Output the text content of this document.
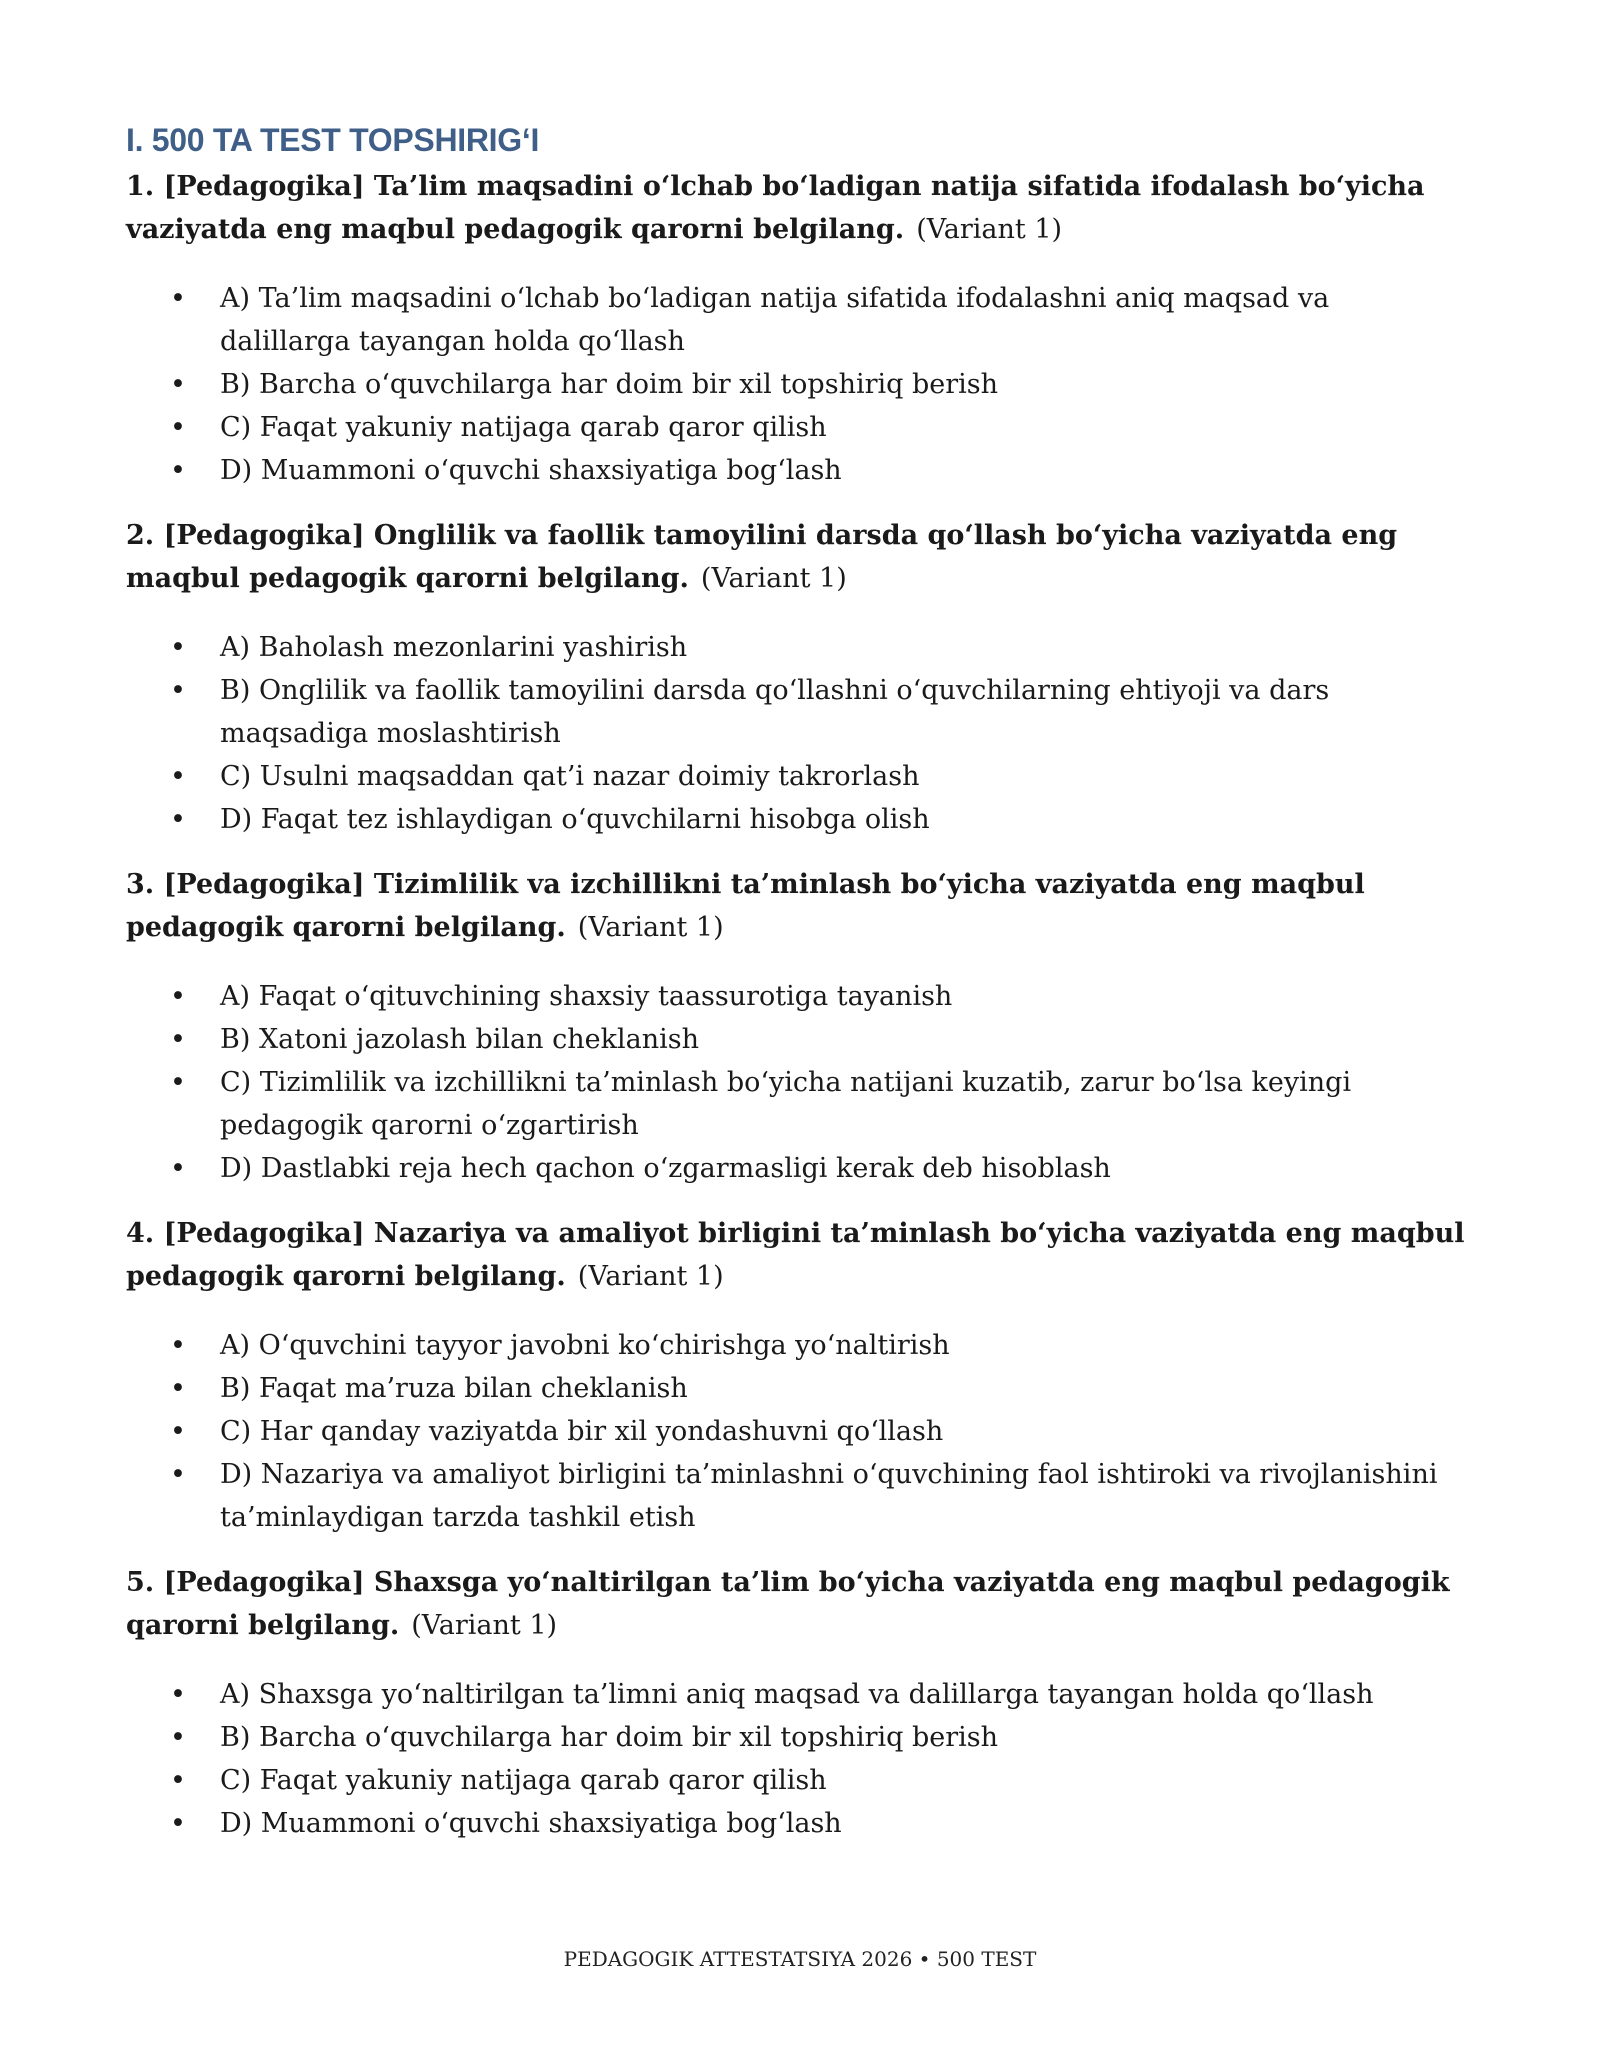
I. 500 TA TEST TOPSHIRIG‘I

1. [Pedagogika] Ta’lim maqsadini o‘lchab bo‘ladigan natija sifatida ifodalash bo‘yicha vaziyatda eng maqbul pedagogik qarorni belgilang. (Variant 1)

• A) Ta’lim maqsadini o‘lchab bo‘ladigan natija sifatida ifodalashni aniq maqsad va dalillarga tayangan holda qo‘llash
• B) Barcha o‘quvchilarga har doim bir xil topshiriq berish
• C) Faqat yakuniy natijaga qarab qaror qilish
• D) Muammoni o‘quvchi shaxsiyatiga bog‘lash

2. [Pedagogika] Onglilik va faollik tamoyilini darsda qo‘llash bo‘yicha vaziyatda eng maqbul pedagogik qarorni belgilang. (Variant 1)

• A) Baholash mezonlarini yashirish
• B) Onglilik va faollik tamoyilini darsda qo‘llashni o‘quvchilarning ehtiyoji va dars maqsadiga moslashtirish
• C) Usulni maqsaddan qat’i nazar doimiy takrorlash
• D) Faqat tez ishlaydigan o‘quvchilarni hisobga olish

3. [Pedagogika] Tizimlilik va izchillikni ta’minlash bo‘yicha vaziyatda eng maqbul pedagogik qarorni belgilang. (Variant 1)

• A) Faqat o‘qituvchining shaxsiy taassurotiga tayanish
• B) Xatoni jazolash bilan cheklanish
• C) Tizimlilik va izchillikni ta’minlash bo‘yicha natijani kuzatib, zarur bo‘lsa keyingi pedagogik qarorni o‘zgartirish
• D) Dastlabki reja hech qachon o‘zgarmasligi kerak deb hisoblash

4. [Pedagogika] Nazariya va amaliyot birligini ta’minlash bo‘yicha vaziyatda eng maqbul pedagogik qarorni belgilang. (Variant 1)

• A) O‘quvchini tayyor javobni ko‘chirishga yo‘naltirish
• B) Faqat ma’ruza bilan cheklanish
• C) Har qanday vaziyatda bir xil yondashuvni qo‘llash
• D) Nazariya va amaliyot birligini ta’minlashni o‘quvchining faol ishtiroki va rivojlanishini ta’minlaydigan tarzda tashkil etish

5. [Pedagogika] Shaxsga yo‘naltirilgan ta’lim bo‘yicha vaziyatda eng maqbul pedagogik qarorni belgilang. (Variant 1)

• A) Shaxsga yo‘naltirilgan ta’limni aniq maqsad va dalillarga tayangan holda qo‘llash
• B) Barcha o‘quvchilarga har doim bir xil topshiriq berish
• C) Faqat yakuniy natijaga qarab qaror qilish
• D) Muammoni o‘quvchi shaxsiyatiga bog‘lash
PEDAGOGIK ATTESTATSIYA 2026 • 500 TEST
